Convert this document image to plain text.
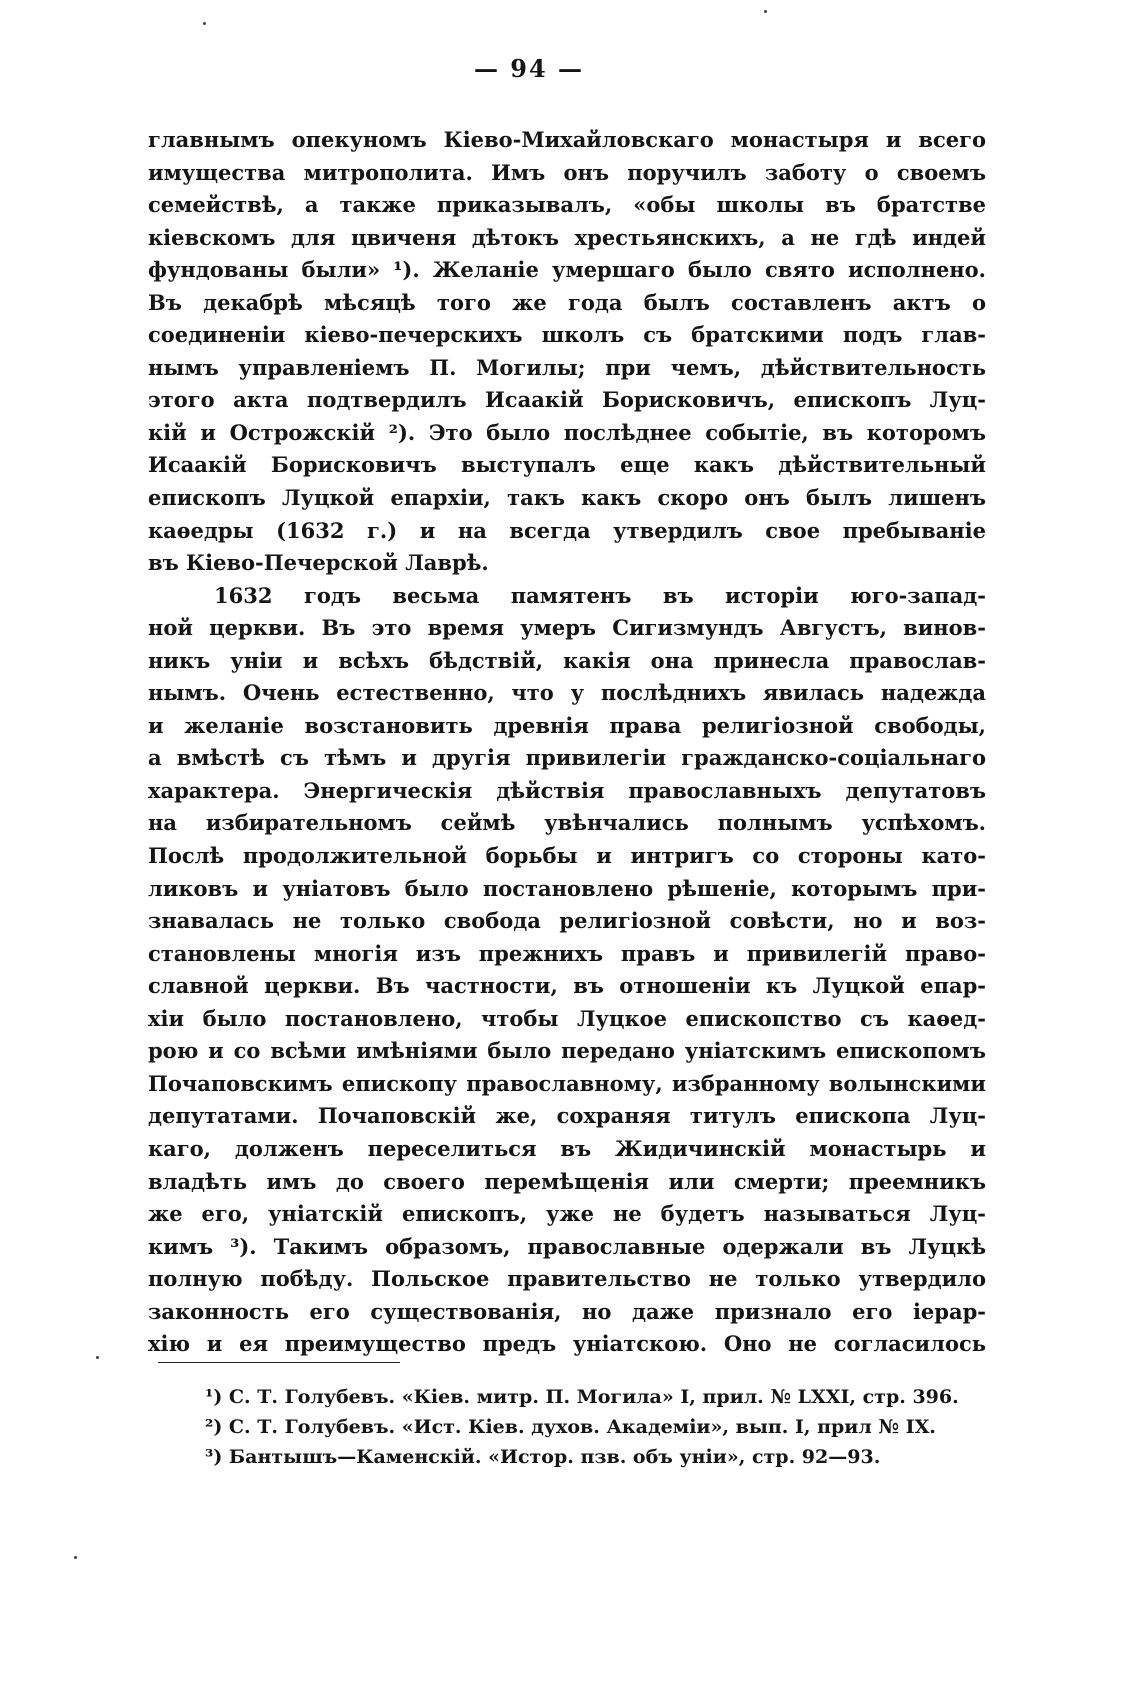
— 94 —
главнымъ опекуномъ Кіево-Михайловскаго монастыря и всего
имущества митрополита. Имъ онъ поручилъ заботу о своемъ
семействѣ, а также приказывалъ, «обы школы въ братстве
кіевскомъ для цвиченя дѣтокъ хрестьянскихъ, а не гдѣ индей
фундованы были» ¹). Желаніе умершаго было свято исполнено.
Въ декабрѣ мѣсяцѣ того же года былъ составленъ актъ о
соединеніи кіево-печерскихъ школъ съ братскими подъ глав-
нымъ управленіемъ П. Могилы; при чемъ, дѣйствительность
этого акта подтвердилъ Исаакій Борисковичъ, епископъ Луц-
кій и Острожскій ²). Это было послѣднее событіе, въ которомъ
Исаакій Борисковичъ выступалъ еще какъ дѣйствительный
епископъ Луцкой епархіи, такъ какъ скоро онъ былъ лишенъ
каѳедры (1632 г.) и на всегда утвердилъ свое пребываніе
въ Кіево-Печерской Лаврѣ.
1632 годъ весьма памятенъ въ исторіи юго-запад-
ной церкви. Въ это время умеръ Сигизмундъ Августъ, винов-
никъ уніи и всѣхъ бѣдствій, какія она принесла православ-
нымъ. Очень естественно, что у послѣднихъ явилась надежда
и желаніе возстановить древнія права религіозной свободы,
а вмѣстѣ съ тѣмъ и другія привилегіи гражданско-соціальнаго
характера. Энергическія дѣйствія православныхъ депутатовъ
на избирательномъ сеймѣ увѣнчались полнымъ успѣхомъ.
Послѣ продолжительной борьбы и интригъ со стороны като-
ликовъ и уніатовъ было постановлено рѣшеніе, которымъ при-
знавалась не только свобода религіозной совѣсти, но и воз-
становлены многія изъ прежнихъ правъ и привилегій право-
славной церкви. Въ частности, въ отношеніи къ Луцкой епар-
хіи было постановлено, чтобы Луцкое епископство съ каѳед-
рою и со всѣми имѣніями было передано уніатскимъ епископомъ
Почаповскимъ епископу православному, избранному волынскими
депутатами. Почаповскій же, сохраняя титулъ епископа Луц-
каго, долженъ переселиться въ Жидичинскій монастырь и
владѣть имъ до своего перемѣщенія или смерти; преемникъ
же его, уніатскій епископъ, уже не будетъ называться Луц-
кимъ ³). Такимъ образомъ, православные одержали въ Луцкѣ
полную побѣду. Польское правительство не только утвердило
законность его существованія, но даже признало его іерар-
хію и ея преимущество предъ уніатскою. Оно не согласилось
¹) С. Т. Голубевъ. «Кіев. митр. П. Могила» I, прил. № LXXI, стр. 396.
²) С. Т. Голубевъ. «Ист. Кіев. духов. Академіи», вып. I, прил № IX.
³) Бантышъ—Каменскій. «Истор. пзв. объ уніи», стр. 92—93.
